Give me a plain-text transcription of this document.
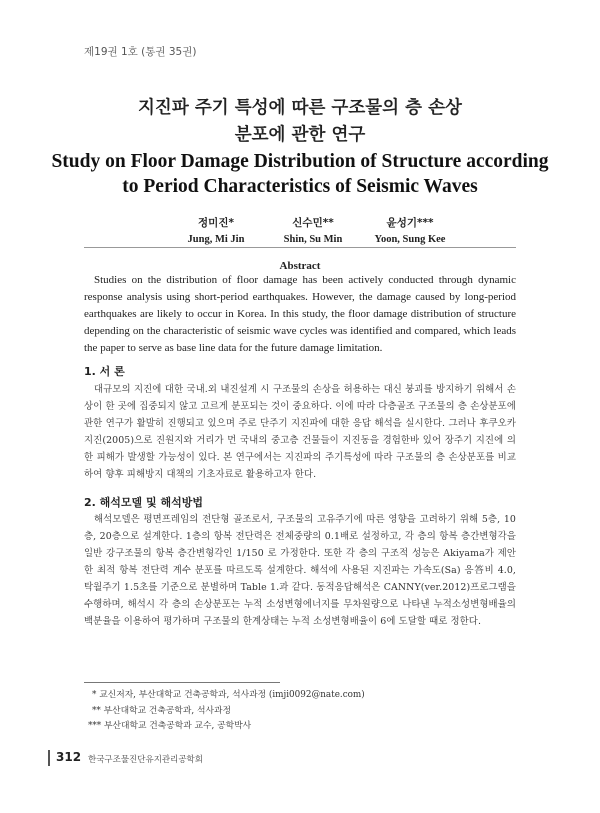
제19권 1호 (통권 35권)
지진파 주기 특성에 따른 구조물의 층 손상
분포에 관한 연구
Study on Floor Damage Distribution of Structure according
to Period Characteristics of Seismic Waves
정미진*
Jung, Mi Jin
신수민**
Shin, Su Min
윤성기***
Yoon, Sung Kee
Abstract
Studies on the distribution of floor damage has been actively conducted through dynamic response analysis using short-period earthquakes. However, the damage caused by long-period earthquakes are likely to occur in Korea. In this study, the floor damage distribution of structure depending on the characteristic of seismic wave cycles was identified and compared, which leads the paper to serve as base line data for the future damage limitation.
1. 서 론
대규모의 지진에 대한 국내.외 내진설계 시 구조물의 손상을 허용하는 대신 붕괴를 방지하기 위해서 손상이 한 곳에 집중되지 않고 고르게 분포되는 것이 중요하다. 이에 따라 다층골조 구조물의 층 손상분포에 관한 연구가 활발히 진행되고 있으며 주로 단주기 지진파에 대한 응답 해석을 실시한다. 그러나 후쿠오카 지진(2005)으로 진원지와 거리가 먼 국내의 중고층 건물들이 지진동을 경험한바 있어 장주기 지진에 의한 피해가 발생할 가능성이 있다. 본 연구에서는 지진파의 주기특성에 따라 구조물의 층 손상분포를 비교하여 향후 피해방지 대책의 기초자료로 활용하고자 한다.
2. 해석모델 및 해석방법
해석모델은 평면프레임의 전단형 골조로서, 구조물의 고유주기에 따른 영향을 고려하기 위해 5층, 10층, 20층으로 설계한다. 1층의 항복 전단력은 전체중량의 0.1배로 설정하고, 각 층의 항복 층간변형각을 일반 강구조물의 항복 층간변형각인 1/150 로 가정한다. 또한 각 층의 구조적 성능은 Akiyama가 제안한 최적 항복 전단력 계수 분포를 따르도록 설계한다. 해석에 사용된 지진파는 가속도(Sa) 응答비 4.0, 탁월주기 1.5초를 기준으로 분별하며 Table 1.과 같다. 동적응답해석은 CANNY(ver.2012)프로그램을 수행하며, 해석시 각 층의 손상분포는 누적 소성변형에너지를 무차원량으로 나타낸 누적소성변형배율의 백분율을 이용하여 평가하며 구조물의 한계상태는 누적 소성변형배율이 6에 도달할 때로 정한다.
* 교신저자, 부산대학교 건축공학과, 석사과정 (imji0092@nate.com)
** 부산대학교 건축공학과, 석사과정
*** 부산대학교 건축공학과 교수, 공학박사
312 한국구조물진단유지관리공학회
